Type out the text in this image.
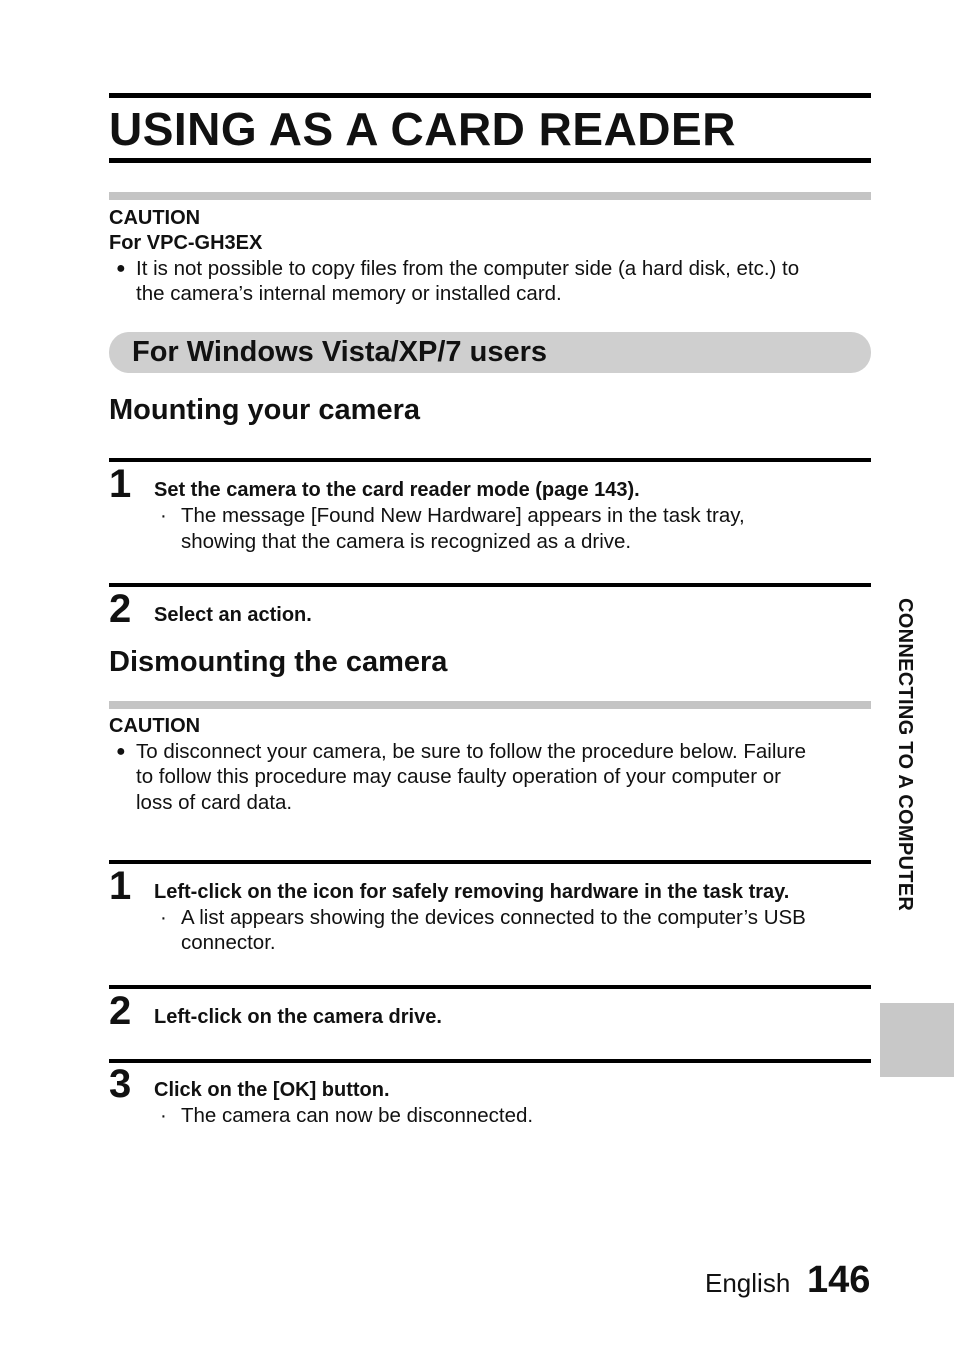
USING AS A CARD READER
CAUTION
For VPC-GH3EX
● It is not possible to copy files from the computer side (a hard disk, etc.) to
the camera’s internal memory or installed card.
For Windows Vista/XP/7 users
Mounting your camera
1 Set the camera to the card reader mode (page 143).
· The message [Found New Hardware] appears in the task tray,
showing that the camera is recognized as a drive.
2 Select an action.
Dismounting the camera
CAUTION
● To disconnect your camera, be sure to follow the procedure below. Failure
to follow this procedure may cause faulty operation of your computer or
loss of card data.
1 Left-click on the icon for safely removing hardware in the task tray.
· A list appears showing the devices connected to the computer’s USB
connector.
2 Left-click on the camera drive.
3 Click on the [OK] button.
· The camera can now be disconnected.
CONNECTING TO A COMPUTER
English 146
